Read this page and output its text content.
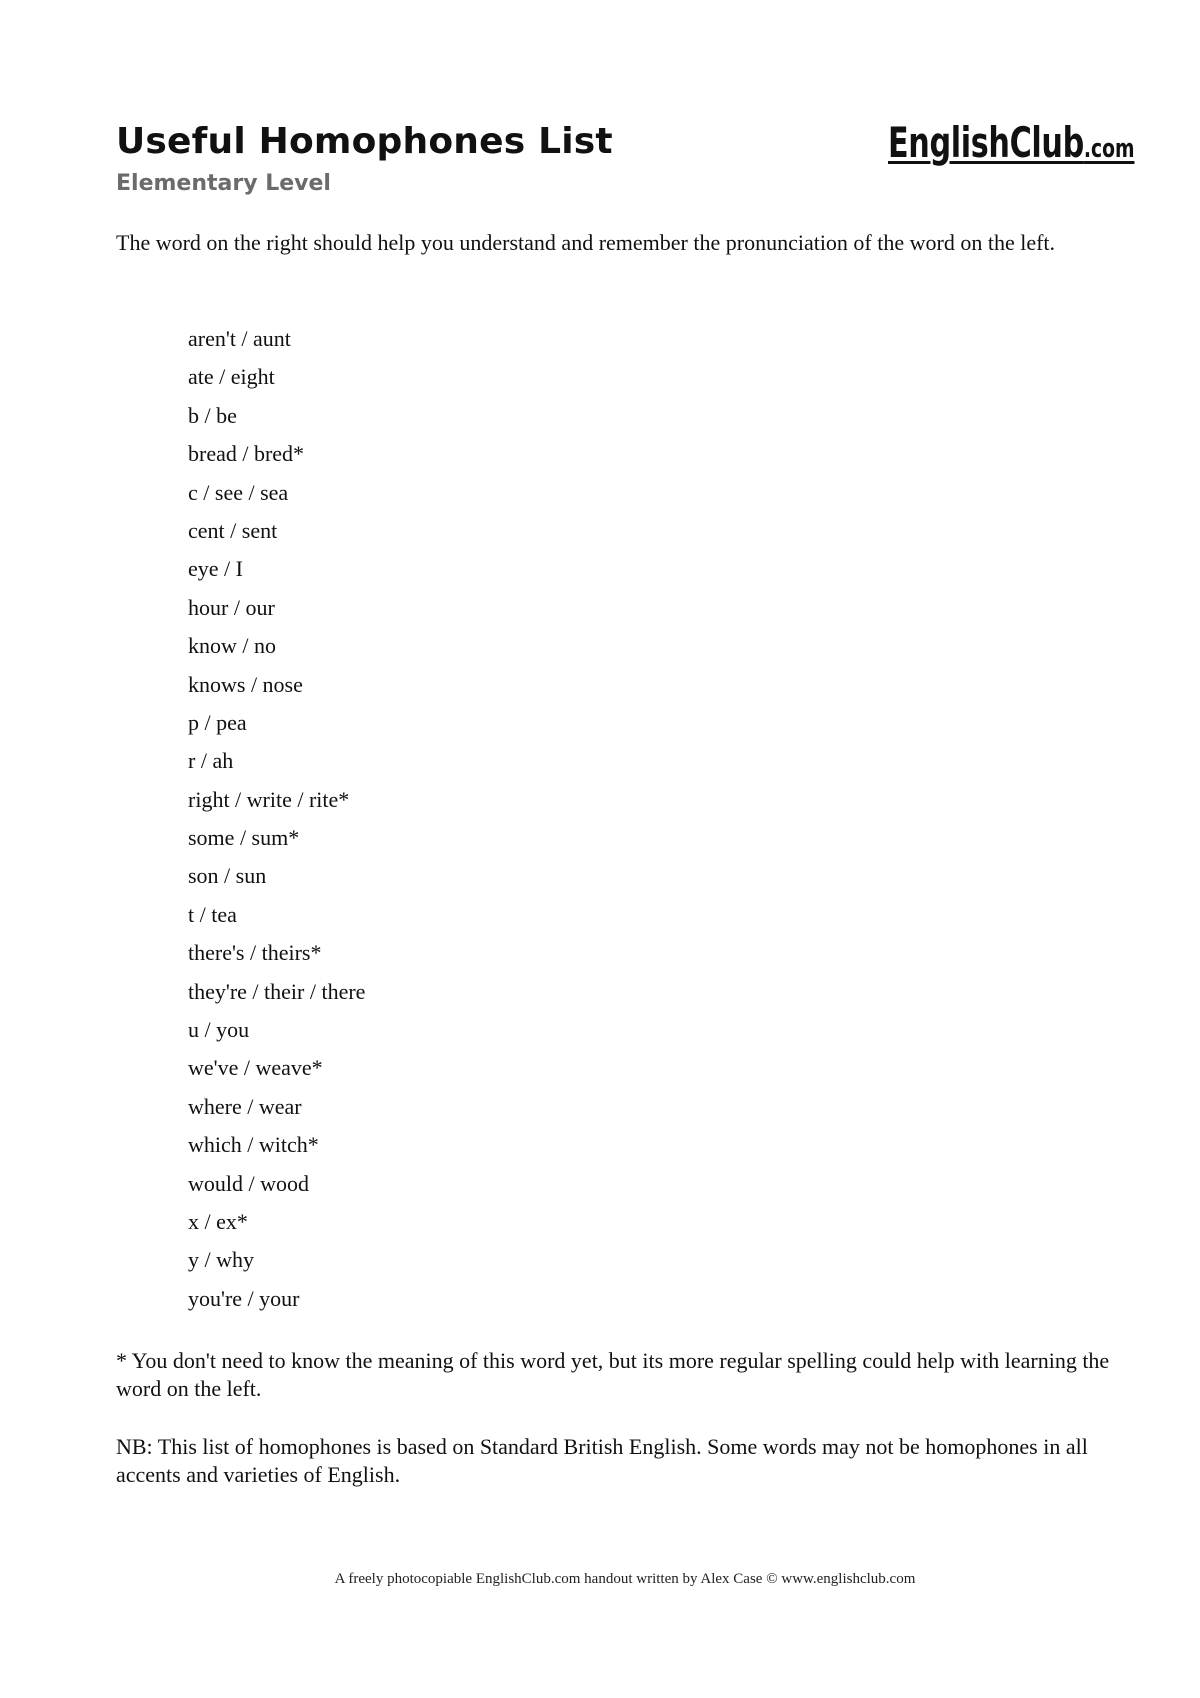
Useful Homophones List
Elementary Level
EnglishClub.com

The word on the right should help you understand and remember the pronunciation of the word on the left.

aren't / aunt
ate / eight
b / be
bread / bred*
c / see / sea
cent / sent
eye / I
hour / our
know / no
knows / nose
p / pea
r / ah
right / write / rite*
some / sum*
son / sun
t / tea
there's / theirs*
they're / their / there
u / you
we've / weave*
where / wear
which / witch*
would / wood
x / ex*
y / why
you're / your

* You don't need to know the meaning of this word yet, but its more regular spelling could help with learning the word on the left.

NB: This list of homophones is based on Standard British English. Some words may not be homophones in all accents and varieties of English.

A freely photocopiable EnglishClub.com handout written by Alex Case © www.englishclub.com
